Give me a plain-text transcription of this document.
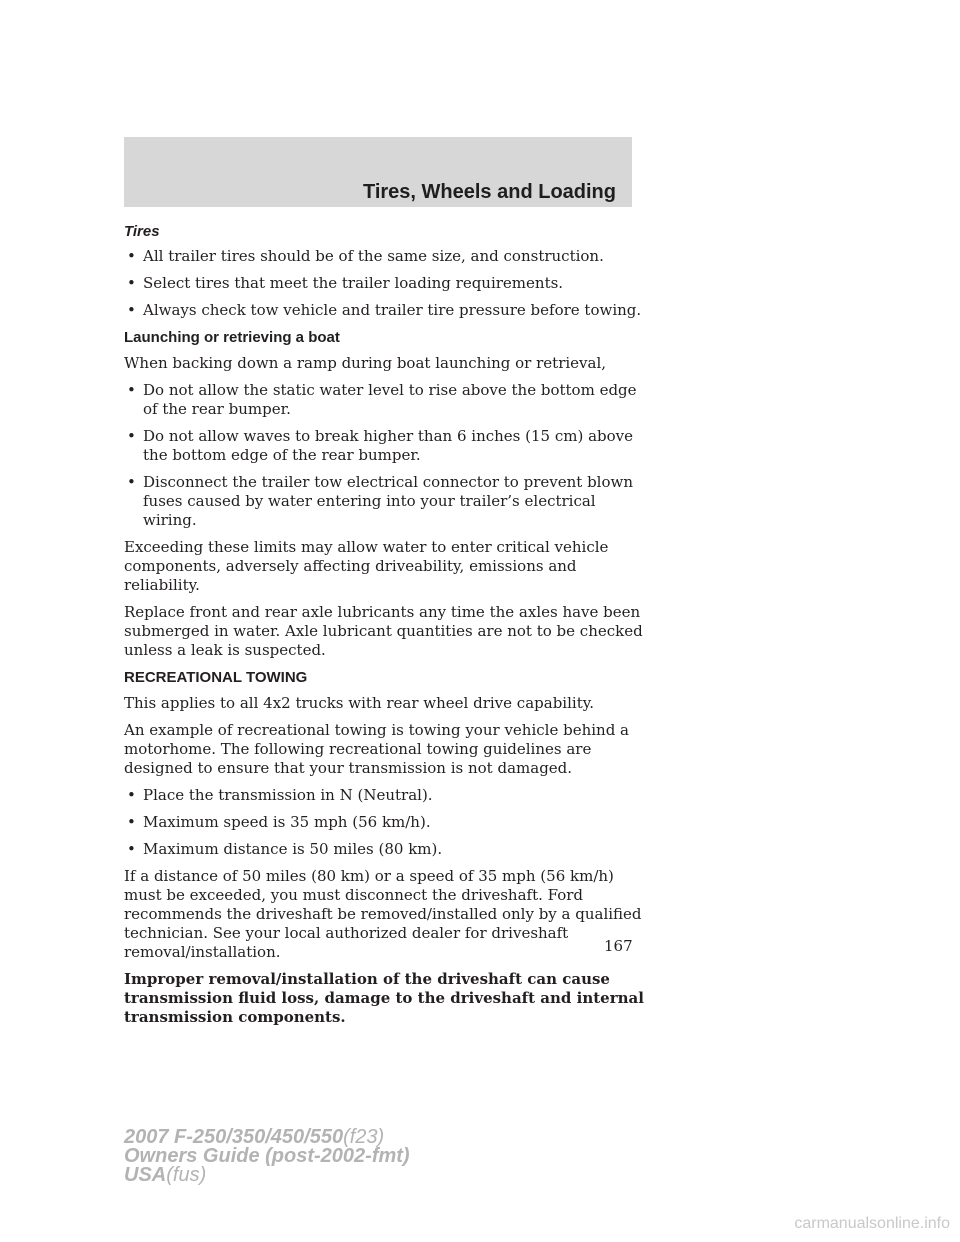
Tires, Wheels and Loading
Tires
• All trailer tires should be of the same size, and construction.
• Select tires that meet the trailer loading requirements.
• Always check tow vehicle and trailer tire pressure before towing.
Launching or retrieving a boat

When backing down a ramp during boat launching or retrieval,

• Do not allow the static water level to rise above the bottom edge of the rear bumper.
• Do not allow waves to break higher than 6 inches (15 cm) above the bottom edge of the rear bumper.
• Disconnect the trailer tow electrical connector to prevent blown fuses caused by water entering into your trailer’s electrical wiring.

Exceeding these limits may allow water to enter critical vehicle components, adversely affecting driveability, emissions and reliability.

Replace front and rear axle lubricants any time the axles have been submerged in water. Axle lubricant quantities are not to be checked unless a leak is suspected.

RECREATIONAL TOWING

This applies to all 4x2 trucks with rear wheel drive capability.

An example of recreational towing is towing your vehicle behind a motorhome. The following recreational towing guidelines are designed to ensure that your transmission is not damaged.

• Place the transmission in N (Neutral).
• Maximum speed is 35 mph (56 km/h).
• Maximum distance is 50 miles (80 km).

If a distance of 50 miles (80 km) or a speed of 35 mph (56 km/h) must be exceeded, you must disconnect the driveshaft. Ford recommends the driveshaft be removed/installed only by a qualified technician. See your local authorized dealer for driveshaft removal/installation.

Improper removal/installation of the driveshaft can cause transmission fluid loss, damage to the driveshaft and internal transmission components.

167
2007 F-250/350/450/550(f23)
Owners Guide (post-2002-fmt)
USA(fus)
carmanualsonline.info
